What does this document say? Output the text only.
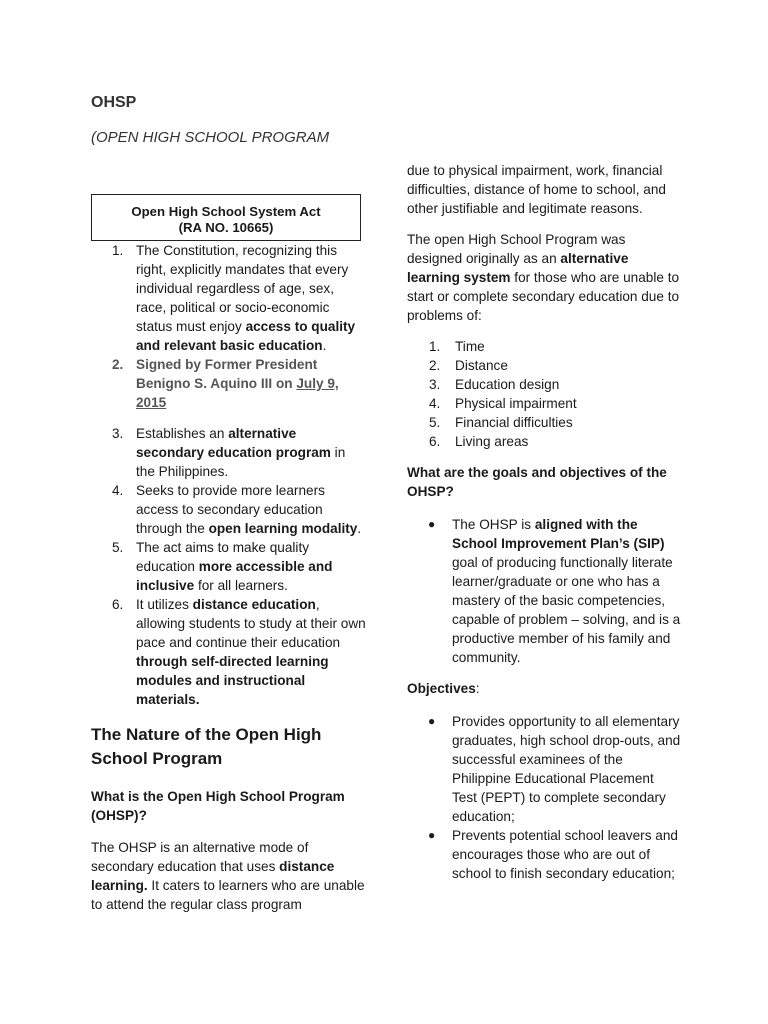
OHSP
(OPEN HIGH SCHOOL PROGRAM
Open High School System Act
(RA NO. 10665)
1. The Constitution, recognizing this right, explicitly mandates that every individual regardless of age, sex, race, political or socio-economic status must enjoy access to quality and relevant basic education.
2. Signed by Former President Benigno S. Aquino III on July 9, 2015
3. Establishes an alternative secondary education program in the Philippines.
4. Seeks to provide more learners access to secondary education through the open learning modality.
5. The act aims to make quality education more accessible and inclusive for all learners.
6. It utilizes distance education, allowing students to study at their own pace and continue their education through self-directed learning modules and instructional materials.
The Nature of the Open High School Program

What is the Open High School Program (OHSP)?

The OHSP is an alternative mode of secondary education that uses distance learning. It caters to learners who are unable to attend the regular class program

due to physical impairment, work, financial difficulties, distance of home to school, and other justifiable and legitimate reasons.

The open High School Program was designed originally as an alternative learning system for those who are unable to start or complete secondary education due to problems of:

1. Time
2. Distance
3. Education design
4. Physical impairment
5. Financial difficulties
6. Living areas

What are the goals and objectives of the OHSP?

● The OHSP is aligned with the School Improvement Plan’s (SIP) goal of producing functionally literate learner/graduate or one who has a mastery of the basic competencies, capable of problem – solving, and is a productive member of his family and community.

Objectives:

● Provides opportunity to all elementary graduates, high school drop-outs, and successful examinees of the Philippine Educational Placement Test (PEPT) to complete secondary education;
● Prevents potential school leavers and encourages those who are out of school to finish secondary education;
